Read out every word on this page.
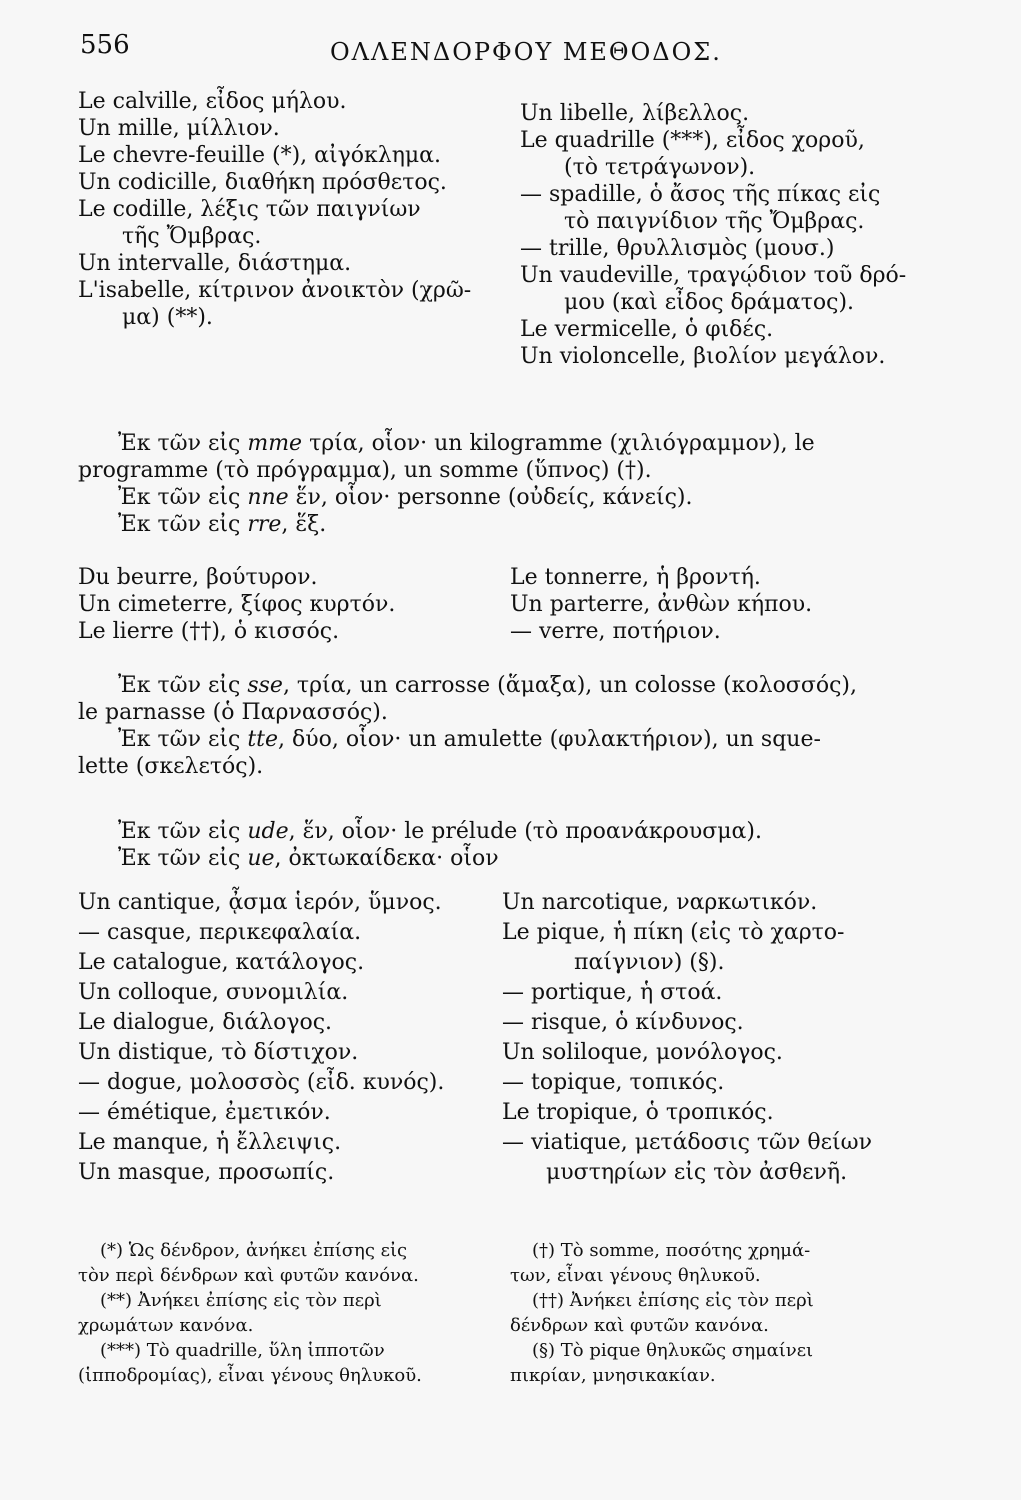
556	ΟΛΛΕΝΔΟΡΦΟΥ ΜΕΘΟΔΟΣ.
Le calville, εἶδος μήλου.
Un mille, μίλλιον.
Le chevre-feuille (*), αἰγόκλημα.
Un codicille, διαθήκη πρόσθετος.
Le codille, λέξις τῶν παιγνίων
τῆς Ὄμβρας.
Un intervalle, διάστημα.
L'isabelle, κίτρινον ἀνοικτὸν (χρῶ-
μα) (**).
Un libelle, λίβελλος.
Le quadrille (***), εἶδος χοροῦ,
(τὸ τετράγωνον).
— spadille, ὁ ἄσος τῆς πίκας εἰς
τὸ παιγνίδιον τῆς Ὄμβρας.
— trille, θρυλλισμὸς (μουσ.)
Un vaudeville, τραγῴδιον τοῦ δρό-
μου (καὶ εἶδος δράματος).
Le vermicelle, ὁ φιδές.
Un violoncelle, βιολίον μεγάλον.
Ἐκ τῶν εἰς mme τρία, οἷον· un kilogramme (χιλιόγραμμον), le
programme (τὸ πρόγραμμα), un somme (ὕπνος) (†).
Ἐκ τῶν εἰς nne ἕν, οἷον· personne (οὐδείς, κάνείς).
Ἐκ τῶν εἰς rre, ἕξ.
Du beurre, βούτυρον.
Un cimeterre, ξίφος κυρτόν.
Le lierre (††), ὁ κισσός.
Le tonnerre, ἡ βροντή.
Un parterre, ἀνθὼν κήπου.
— verre, ποτήριον.
Ἐκ τῶν εἰς sse, τρία, un carrosse (ἅμαξα), un colosse (κολοσσός),
le parnasse (ὁ Παρνασσός).
Ἐκ τῶν εἰς tte, δύο, οἷον· un amulette (φυλακτήριον), un sque-
lette (σκελετός).
Ἐκ τῶν εἰς ude, ἕν, οἷον· le prélude (τὸ προανάκρουσμα).
Ἐκ τῶν εἰς ue, ὀκτωκαίδεκα· οἷον
Un cantique, ᾆσμα ἱερόν, ὕμνος.
— casque, περικεφαλαία.
Le catalogue, κατάλογος.
Un colloque, συνομιλία.
Le dialogue, διάλογος.
Un distique, τὸ δίστιχον.
— dogue, μολοσσὸς (εἶδ. κυνός).
— émétique, ἐμετικόν.
Le manque, ἡ ἔλλειψις.
Un masque, προσωπίς.
Un narcotique, ναρκωτικόν.
Le pique, ἡ πίκη (εἰς τὸ χαρτο-
παίγνιον) (§).
— portique, ἡ στοά.
— risque, ὁ κίνδυνος.
Un soliloque, μονόλογος.
— topique, τοπικός.
Le tropique, ὁ τροπικός.
— viatique, μετάδοσις τῶν θείων
μυστηρίων εἰς τὸν ἀσθενῆ.
(*) Ὡς δένδρον, ἀνήκει ἐπίσης εἰς
τὸν περὶ δένδρων καὶ φυτῶν κανόνα.
(**) Ἀνήκει ἐπίσης εἰς τὸν περὶ
χρωμάτων κανόνα.
(***) Τὸ quadrille, ὕλη ἱπποτῶν
(ἱπποδρομίας), εἶναι γένους θηλυκοῦ.
(†) Τὸ somme, ποσότης χρημά-
των, εἶναι γένους θηλυκοῦ.
(††) Ἀνήκει ἐπίσης εἰς τὸν περὶ
δένδρων καὶ φυτῶν κανόνα.
(§) Τὸ pique θηλυκῶς σημαίνει
πικρίαν, μνησικακίαν.
